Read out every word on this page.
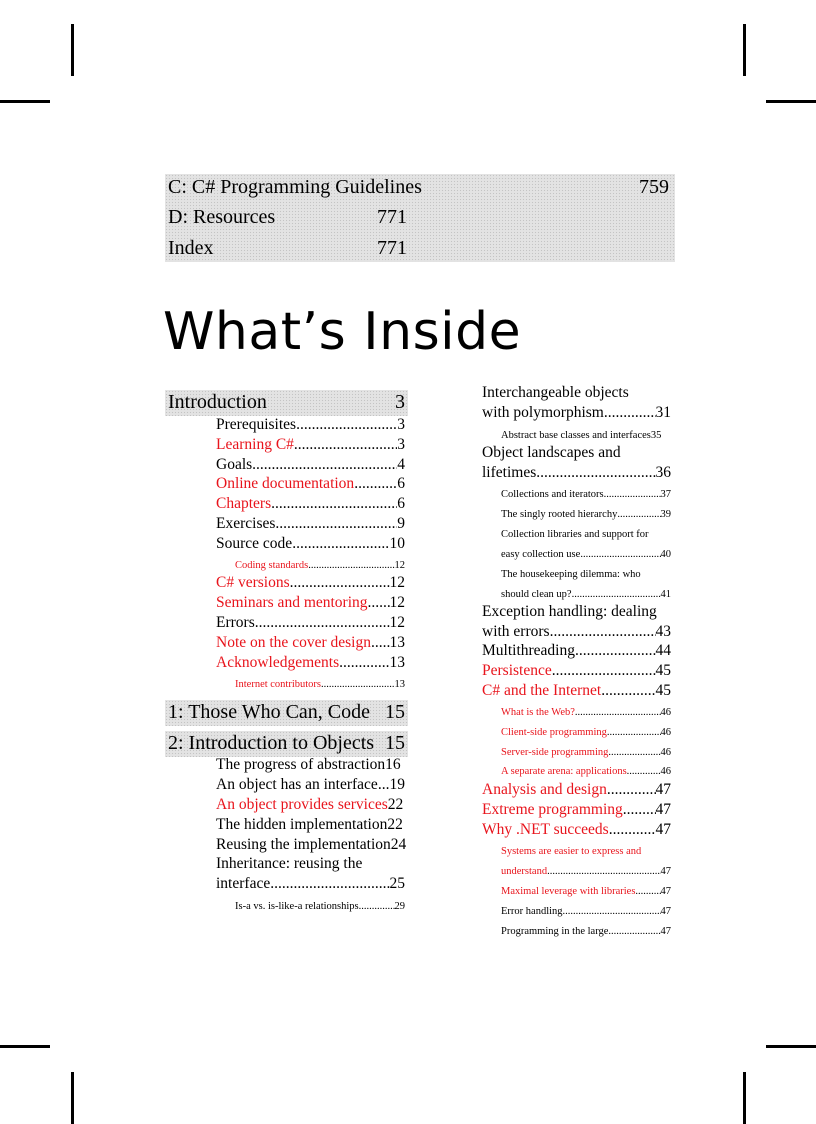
C: C# Programming Guidelines	759
D: Resources	771
Index	771
What’s Inside
Introduction	3
Prerequisites .....	3
Learning C# .....	3
Goals .....	4
Online documentation .....	6
Chapters .....	6
Exercises .....	9
Source code .....	10
Coding standards .....	12
C# versions .....	12
Seminars and mentoring ..... 12
Errors .....	12
Note on the cover design ..... 13
Acknowledgements .....	13
Internet contributors .....	13
1: Those Who Can, Code 15
2: Introduction to Objects 15
The progress of abstraction 16
An object has an interface ..... 19
An object provides services 22
The hidden implementation 22
Reusing the implementation 24
Inheritance: reusing the
interface .....	25
Is-a vs. is-like-a relationships .....	29
Interchangeable objects
with polymorphism .....	31
Abstract base classes and interfaces35
Object landscapes and
lifetimes .....	36
Collections and iterators .....	37
The singly rooted hierarchy .....	39
Collection libraries and support for
easy collection use .....	40
The housekeeping dilemma: who
should clean up? .....	41
Exception handling: dealing
with errors .....	43
Multithreading .....	44
Persistence .....	45
C# and the Internet .....	45
What is the Web? .....	46
Client-side programming .....	46
Server-side programming .....	46
A separate arena: applications .....	46
Analysis and design .....	47
Extreme programming ..... 47
Why .NET succeeds .....	47
Systems are easier to express and
understand .....	47
Maximal leverage with libraries ..... 47
Error handling .....	47
Programming in the large .....	47
